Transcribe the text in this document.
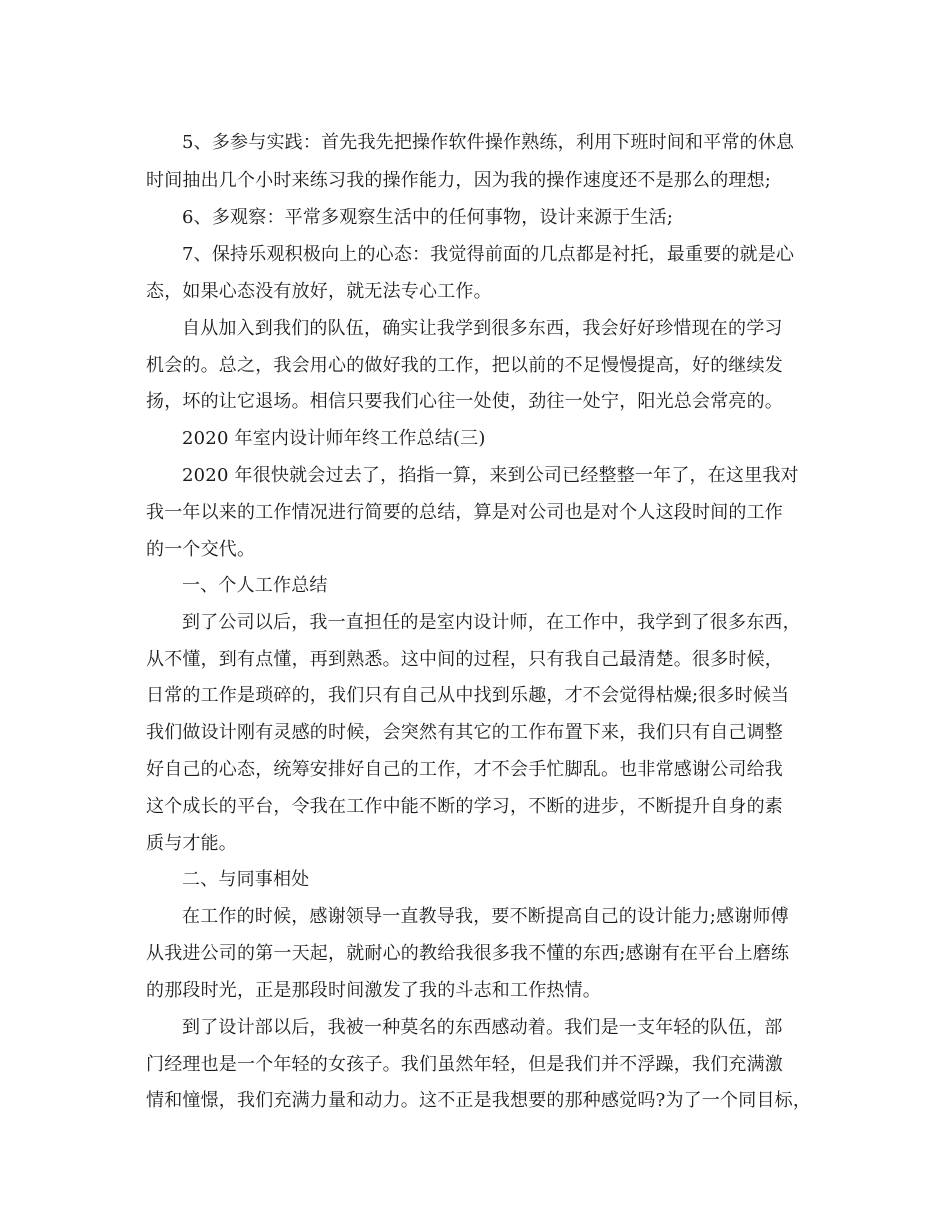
5、多参与实践：首先我先把操作软件操作熟练，利用下班时间和平常的休息
时间抽出几个小时来练习我的操作能力，因为我的操作速度还不是那么的理想;
6、多观察：平常多观察生活中的任何事物，设计来源于生活;
7、保持乐观积极向上的心态：我觉得前面的几点都是衬托，最重要的就是心
态，如果心态没有放好，就无法专心工作。
自从加入到我们的队伍，确实让我学到很多东西，我会好好珍惜现在的学习
机会的。总之，我会用心的做好我的工作，把以前的不足慢慢提高，好的继续发
扬，坏的让它退场。相信只要我们心往一处使，劲往一处宁，阳光总会常亮的。
2020 年室内设计师年终工作总结(三)
2020 年很快就会过去了，掐指一算，来到公司已经整整一年了，在这里我对
我一年以来的工作情况进行简要的总结，算是对公司也是对个人这段时间的工作
的一个交代。
一、个人工作总结
到了公司以后，我一直担任的是室内设计师，在工作中，我学到了很多东西，
从不懂，到有点懂，再到熟悉。这中间的过程，只有我自己最清楚。很多时候，
日常的工作是琐碎的，我们只有自己从中找到乐趣，才不会觉得枯燥;很多时候当
我们做设计刚有灵感的时候，会突然有其它的工作布置下来，我们只有自己调整
好自己的心态，统筹安排好自己的工作，才不会手忙脚乱。也非常感谢公司给我
这个成长的平台，令我在工作中能不断的学习，不断的进步，不断提升自身的素
质与才能。
二、与同事相处
在工作的时候，感谢领导一直教导我，要不断提高自己的设计能力;感谢师傅
从我进公司的第一天起，就耐心的教给我很多我不懂的东西;感谢有在平台上磨练
的那段时光，正是那段时间激发了我的斗志和工作热情。
到了设计部以后，我被一种莫名的东西感动着。我们是一支年轻的队伍，部
门经理也是一个年轻的女孩子。我们虽然年轻，但是我们并不浮躁，我们充满激
情和憧憬，我们充满力量和动力。这不正是我想要的那种感觉吗?为了一个同目标，
